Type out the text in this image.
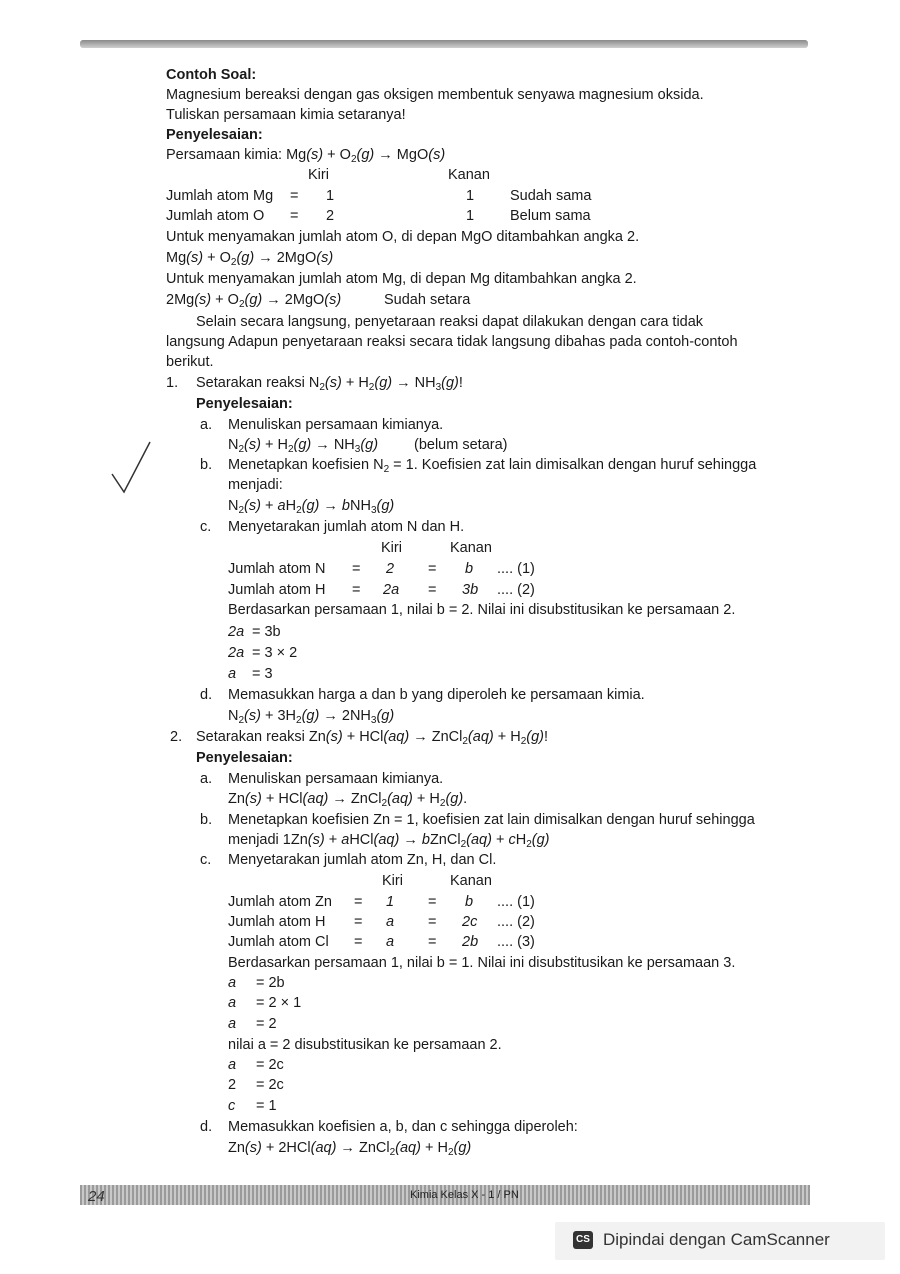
Contoh Soal:
Magnesium bereaksi dengan gas oksigen membentuk senyawa magnesium oksida.
Tuliskan persamaan kimia setaranya!
Penyelesaian:
Persamaan kimia: $Mg(s) + O_2(g) \to MgO(s)$
Kiri	Kanan
Jumlah atom Mg = 1	1 Sudah sama
Jumlah atom O = 2	1 Belum sama
Untuk menyamakan jumlah atom O, di depan MgO ditambahkan angka 2.
$Mg(s) + O_2(g) \to 2MgO(s)$
Untuk menyamakan jumlah atom Mg, di depan Mg ditambahkan angka 2.
$2Mg(s) + O_2(g) \to 2MgO(s)$	Sudah setara
Selain secara langsung, penyetaraan reaksi dapat dilakukan dengan cara tidak
langsung Adapun penyetaraan reaksi secara tidak langsung dibahas pada contoh-contoh
berikut.
1. Setarakan reaksi $N_2(s) + H_2(g) \to NH_3(g)$!
Penyelesaian:
a. Menuliskan persamaan kimianya.
$N_2(s) + H_2(g) \to NH_3(g)$ (belum setara)
b. Menetapkan koefisien $N_2 = 1$. Koefisien zat lain dimisalkan dengan huruf sehingga
menjadi:
$N_2(s) + aH_2(g) \to bNH_3(g)$
c. Menyetarakan jumlah atom N dan H.
Kiri	Kanan
Jumlah atom N = 2 = b .... (1)
Jumlah atom H = 2a = 3b .... (2)
Berdasarkan persamaan 1, nilai b = 2. Nilai ini disubstitusikan ke persamaan 2.
2a = 3b
2a = 3 × 2
a = 3
d. Memasukkan harga a dan b yang diperoleh ke persamaan kimia.
$N_2(s) + 3H_2(g) \to 2NH_3(g)$
2. Setarakan reaksi Zn(s) + HCl(aq) → ZnCl$_2$(aq) + $H_2(g)$!
Penyelesaian:
a. Menuliskan persamaan kimianya.
Zn(s) + HCl(aq) → ZnCl$_2$(aq) + $H_2(g)$.
b. Menetapkan koefisien Zn = 1, koefisien zat lain dimisalkan dengan huruf sehingga
menjadi 1Zn(s) + aHCl(aq) → bZnCl$_2$(aq) + $cH_2(g)$
c. Menyetarakan jumlah atom Zn, H, dan Cl.
Kiri	Kanan
Jumlah atom Zn = 1 = b .... (1)
Jumlah atom H = a = 2c .... (2)
Jumlah atom Cl = a = 2b .... (3)
Berdasarkan persamaan 1, nilai b = 1. Nilai ini disubstitusikan ke persamaan 3.
a = 2b
a = 2 × 1
a = 2
nilai a = 2 disubstitusikan ke persamaan 2.
a = 2c
2 = 2c
c = 1
d. Memasukkan koefisien a, b, dan c sehingga diperoleh:
Zn(s) + 2HCl(aq) → ZnCl$_2$(aq) + $H_2(g)$
24	Kimia Kelas X - 1 / PN
CS Dipindai dengan CamScanner
